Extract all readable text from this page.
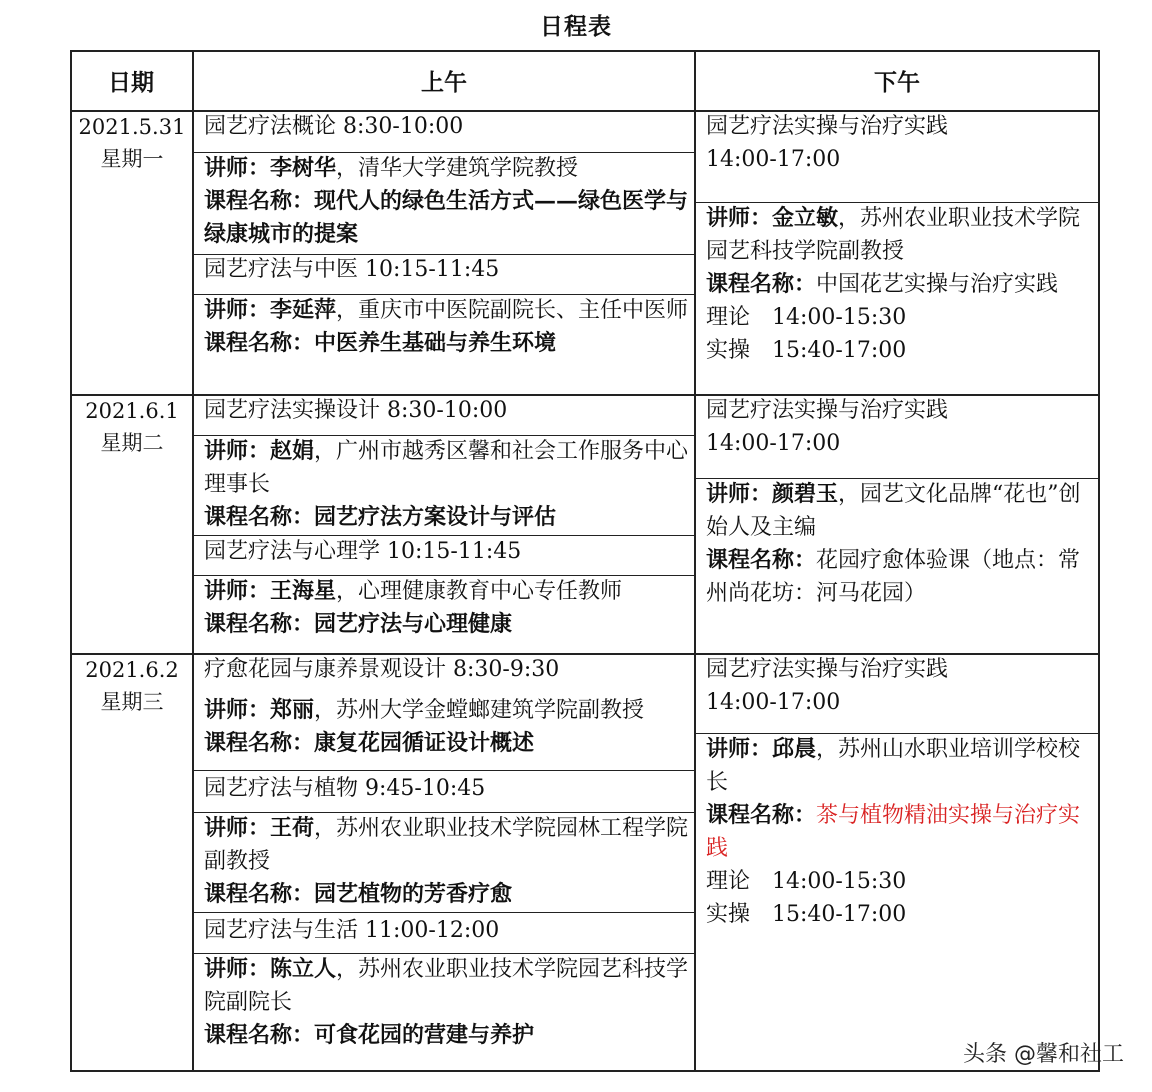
日程表
日期	上午	下午
2021.5.31
星期一
园艺疗法概论 8:30-10:00
讲师：李树华，清华大学建筑学院教授
课程名称：现代人的绿色生活方式——绿色医学与绿康城市的提案
园艺疗法与中医 10:15-11:45
讲师：李延萍，重庆市中医院副院长、主任中医师
课程名称：中医养生基础与养生环境
园艺疗法实操与治疗实践
14:00-17:00
讲师：金立敏，苏州农业职业技术学院园艺科技学院副教授
课程名称：中国花艺实操与治疗实践
理论　14:00-15:30
实操　15:40-17:00
2021.6.1
星期二
园艺疗法实操设计 8:30-10:00
讲师：赵娟，广州市越秀区馨和社会工作服务中心理事长
课程名称：园艺疗法方案设计与评估
园艺疗法与心理学 10:15-11:45
讲师：王海星，心理健康教育中心专任教师
课程名称：园艺疗法与心理健康
园艺疗法实操与治疗实践
14:00-17:00
讲师：颜碧玉，园艺文化品牌“花也”创始人及主编
课程名称：花园疗愈体验课（地点：常州尚花坊：河马花园）
2021.6.2
星期三
疗愈花园与康养景观设计 8:30-9:30
讲师：郑丽，苏州大学金螳螂建筑学院副教授
课程名称：康复花园循证设计概述
园艺疗法与植物 9:45-10:45
讲师：王荷，苏州农业职业技术学院园林工程学院副教授
课程名称：园艺植物的芳香疗愈
园艺疗法与生活 11:00-12:00
讲师：陈立人，苏州农业职业技术学院园艺科技学院副院长
课程名称：可食花园的营建与养护
园艺疗法实操与治疗实践
14:00-17:00
讲师：邱晨，苏州山水职业培训学校校长
课程名称：茶与植物精油实操与治疗实践
理论　14:00-15:30
实操　15:40-17:00
头条 @馨和社工
